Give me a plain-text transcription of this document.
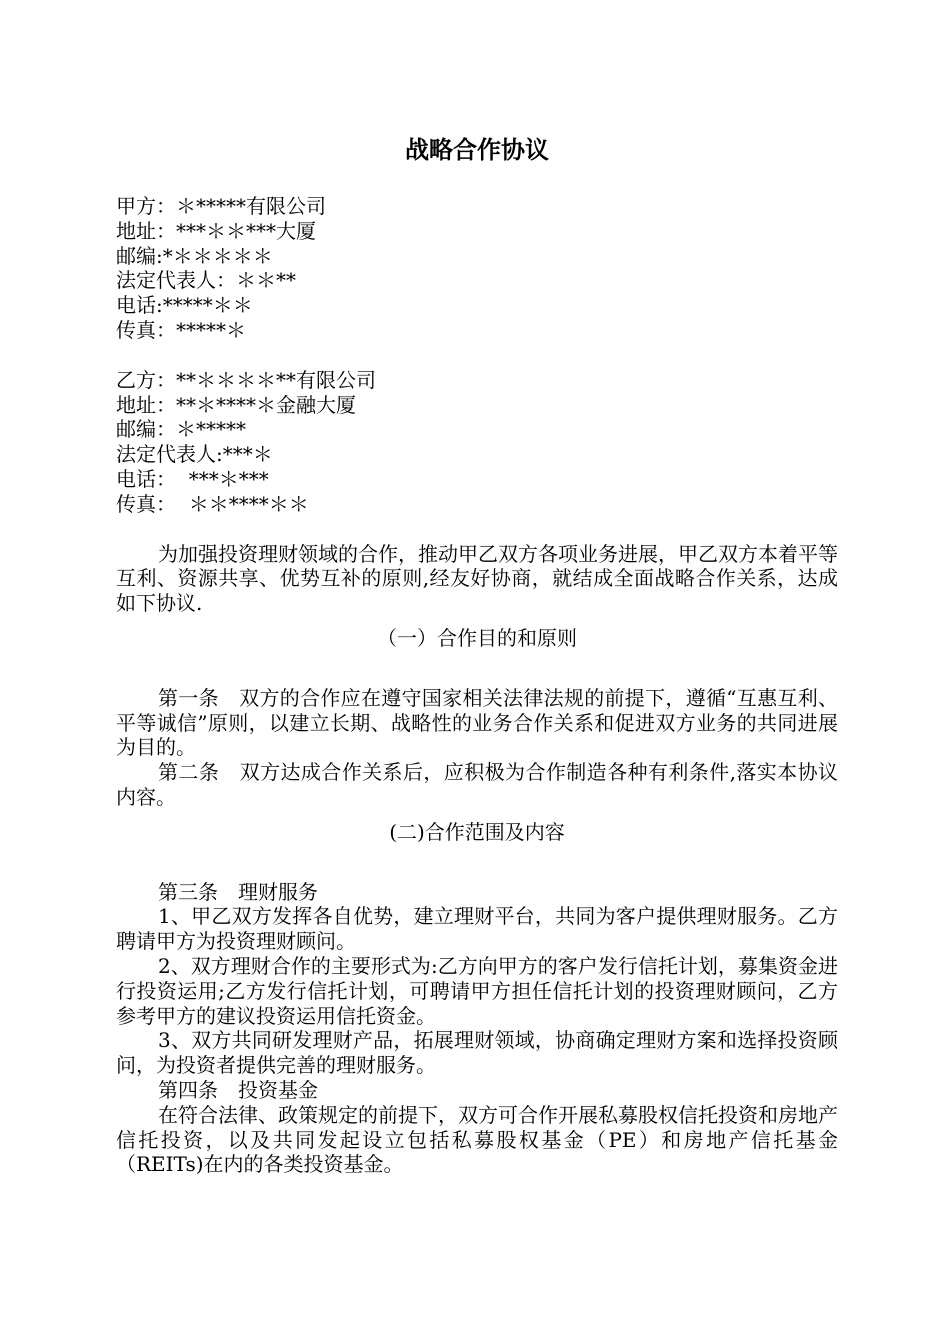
战略合作协议

甲方：＊*****有限公司

地址：***＊＊***大厦

邮编:*＊＊＊＊＊

法定代表人：＊＊**

电话:*****＊＊

传真：*****＊

乙方：**＊＊＊＊**有限公司

地址：**＊****＊金融大厦

邮编：＊*****

法定代表人:***＊

电话：  ***＊***

传真：  ＊＊****＊＊

为加强投资理财领域的合作，推动甲乙双方各项业务进展，甲乙双方本着平等互利、资源共享、优势互补的原则,经友好协商，就结成全面战略合作关系，达成如下协议.

（一）合作目的和原则

第一条　双方的合作应在遵守国家相关法律法规的前提下，遵循“互惠互利、平等诚信”原则，以建立长期、战略性的业务合作关系和促进双方业务的共同进展为目的。

第二条　双方达成合作关系后，应积极为合作制造各种有利条件,落实本协议内容。

(二)合作范围及内容

第三条　理财服务

1、甲乙双方发挥各自优势，建立理财平台，共同为客户提供理财服务。乙方聘请甲方为投资理财顾问。

2、双方理财合作的主要形式为:乙方向甲方的客户发行信托计划，募集资金进行投资运用;乙方发行信托计划，可聘请甲方担任信托计划的投资理财顾问，乙方参考甲方的建议投资运用信托资金。

3、双方共同研发理财产品，拓展理财领域，协商确定理财方案和选择投资顾问，为投资者提供完善的理财服务。

第四条　投资基金

在符合法律、政策规定的前提下，双方可合作开展私募股权信托投资和房地产信托投资，以及共同发起设立包括私募股权基金（PE）和房地产信托基金（REITs)在内的各类投资基金。
